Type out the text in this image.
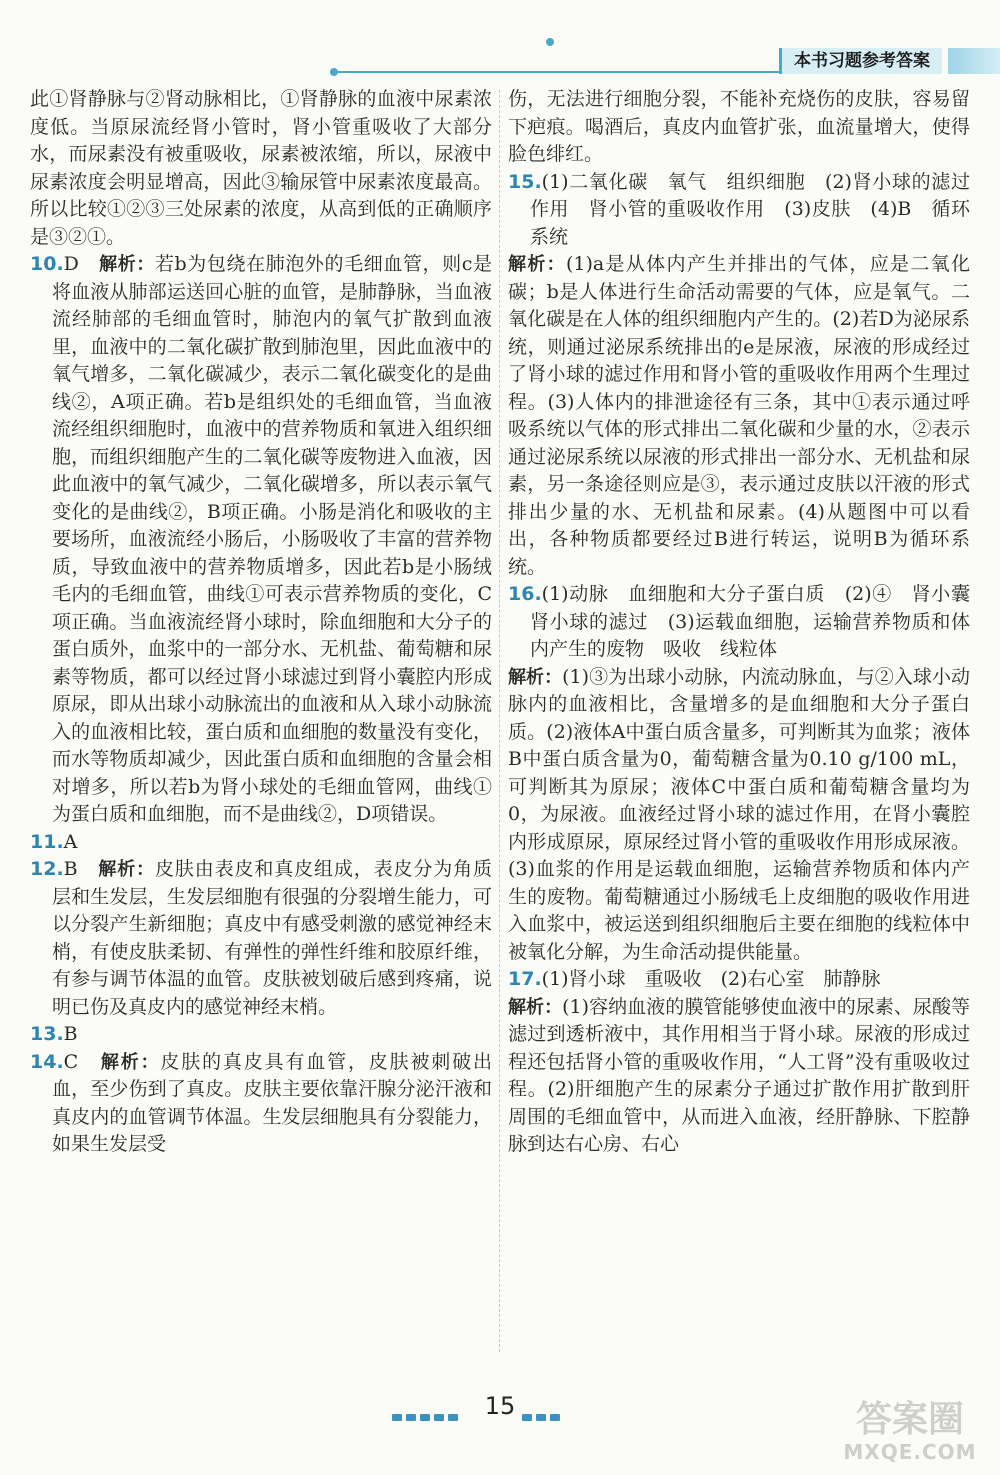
本书习题参考答案

此①肾静脉与②肾动脉相比，①肾静脉的血液中尿素浓度低。当原尿流经肾小管时，肾小管重吸收了大部分水，而尿素没有被重吸收，尿素被浓缩，所以，尿液中尿素浓度会明显增高，因此③输尿管中尿素浓度最高。所以比较①②③三处尿素的浓度，从高到低的正确顺序是③②①。

10.D　 解析：若b为包绕在肺泡外的毛细血管，则c是将血液从肺部运送回心脏的血管，是肺静脉，当血液流经肺部的毛细血管时，肺泡内的氧气扩散到血液里，血液中的二氧化碳扩散到肺泡里，因此血液中的氧气增多，二氧化碳减少，表示二氧化碳变化的是曲线②，A项正确。若b是组织处的毛细血管，当血液流经组织细胞时，血液中的营养物质和氧进入组织细胞，而组织细胞产生的二氧化碳等废物进入血液，因此血液中的氧气减少，二氧化碳增多，所以表示氧气变化的是曲线②，B项正确。小肠是消化和吸收的主要场所，血液流经小肠后，小肠吸收了丰富的营养物质，导致血液中的营养物质增多，因此若b是小肠绒毛内的毛细血管，曲线①可表示营养物质的变化，C项正确。当血液流经肾小球时，除血细胞和大分子的蛋白质外，血浆中的一部分水、无机盐、葡萄糖和尿素等物质，都可以经过肾小球滤过到肾小囊腔内形成原尿，即从出球小动脉流出的血液和从入球小动脉流入的血液相比较，蛋白质和血细胞的数量没有变化，而水等物质却减少，因此蛋白质和血细胞的含量会相对增多，所以若b为肾小球处的毛细血管网，曲线①为蛋白质和血细胞，而不是曲线②，D项错误。

11.A

12.B　 解析：皮肤由表皮和真皮组成，表皮分为角质层和生发层，生发层细胞有很强的分裂增生能力，可以分裂产生新细胞；真皮中有感受刺激的感觉神经末梢，有使皮肤柔韧、有弹性的弹性纤维和胶原纤维，有参与调节体温的血管。皮肤被划破后感到疼痛，说明已伤及真皮内的感觉神经末梢。

13.B

14.C　 解析：皮肤的真皮具有血管，皮肤被刺破出血，至少伤到了真皮。皮肤主要依靠汗腺分泌汗液和真皮内的血管调节体温。生发层细胞具有分裂能力，如果生发层受

伤，无法进行细胞分裂，不能补充烧伤的皮肤，容易留下疤痕。喝酒后，真皮内血管扩张，血流量增大，使得脸色绯红。

15.(1)二氧化碳　氧气　组织细胞　(2)肾小球的滤过作用　肾小管的重吸收作用　(3)皮肤　(4)B　循环系统

解析：(1)a是从体内产生并排出的气体，应是二氧化碳；b是人体进行生命活动需要的气体，应是氧气。二氧化碳是在人体的组织细胞内产生的。(2)若D为泌尿系统，则通过泌尿系统排出的e是尿液，尿液的形成经过了肾小球的滤过作用和肾小管的重吸收作用两个生理过程。(3)人体内的排泄途径有三条，其中①表示通过呼吸系统以气体的形式排出二氧化碳和少量的水，②表示通过泌尿系统以尿液的形式排出一部分水、无机盐和尿素，另一条途径则应是③，表示通过皮肤以汗液的形式排出少量的水、无机盐和尿素。(4)从题图中可以看出，各种物质都要经过B进行转运，说明B为循环系统。

16.(1)动脉　血细胞和大分子蛋白质　(2)④　肾小囊　肾小球的滤过　(3)运载血细胞，运输营养物质和体内产生的废物　吸收　线粒体

解析：(1)③为出球小动脉，内流动脉血，与②入球小动脉内的血液相比，含量增多的是血细胞和大分子蛋白质。(2)液体A中蛋白质含量多，可判断其为血浆；液体B中蛋白质含量为0，葡萄糖含量为0.10 g/100 mL，可判断其为原尿；液体C中蛋白质和葡萄糖含量均为0，为尿液。血液经过肾小球的滤过作用，在肾小囊腔内形成原尿，原尿经过肾小管的重吸收作用形成尿液。(3)血浆的作用是运载血细胞，运输营养物质和体内产生的废物。葡萄糖通过小肠绒毛上皮细胞的吸收作用进入血浆中，被运送到组织细胞后主要在细胞的线粒体中被氧化分解，为生命活动提供能量。

17.(1)肾小球　重吸收　(2)右心室　肺静脉

解析：(1)容纳血液的膜管能够使血液中的尿素、尿酸等滤过到透析液中，其作用相当于肾小球。尿液的形成过程还包括肾小管的重吸收作用，“人工肾”没有重吸收过程。(2)肝细胞产生的尿素分子通过扩散作用扩散到肝周围的毛细血管中，从而进入血液，经肝静脉、下腔静脉到达右心房、右心

15	答案圈
MXQE.COM
